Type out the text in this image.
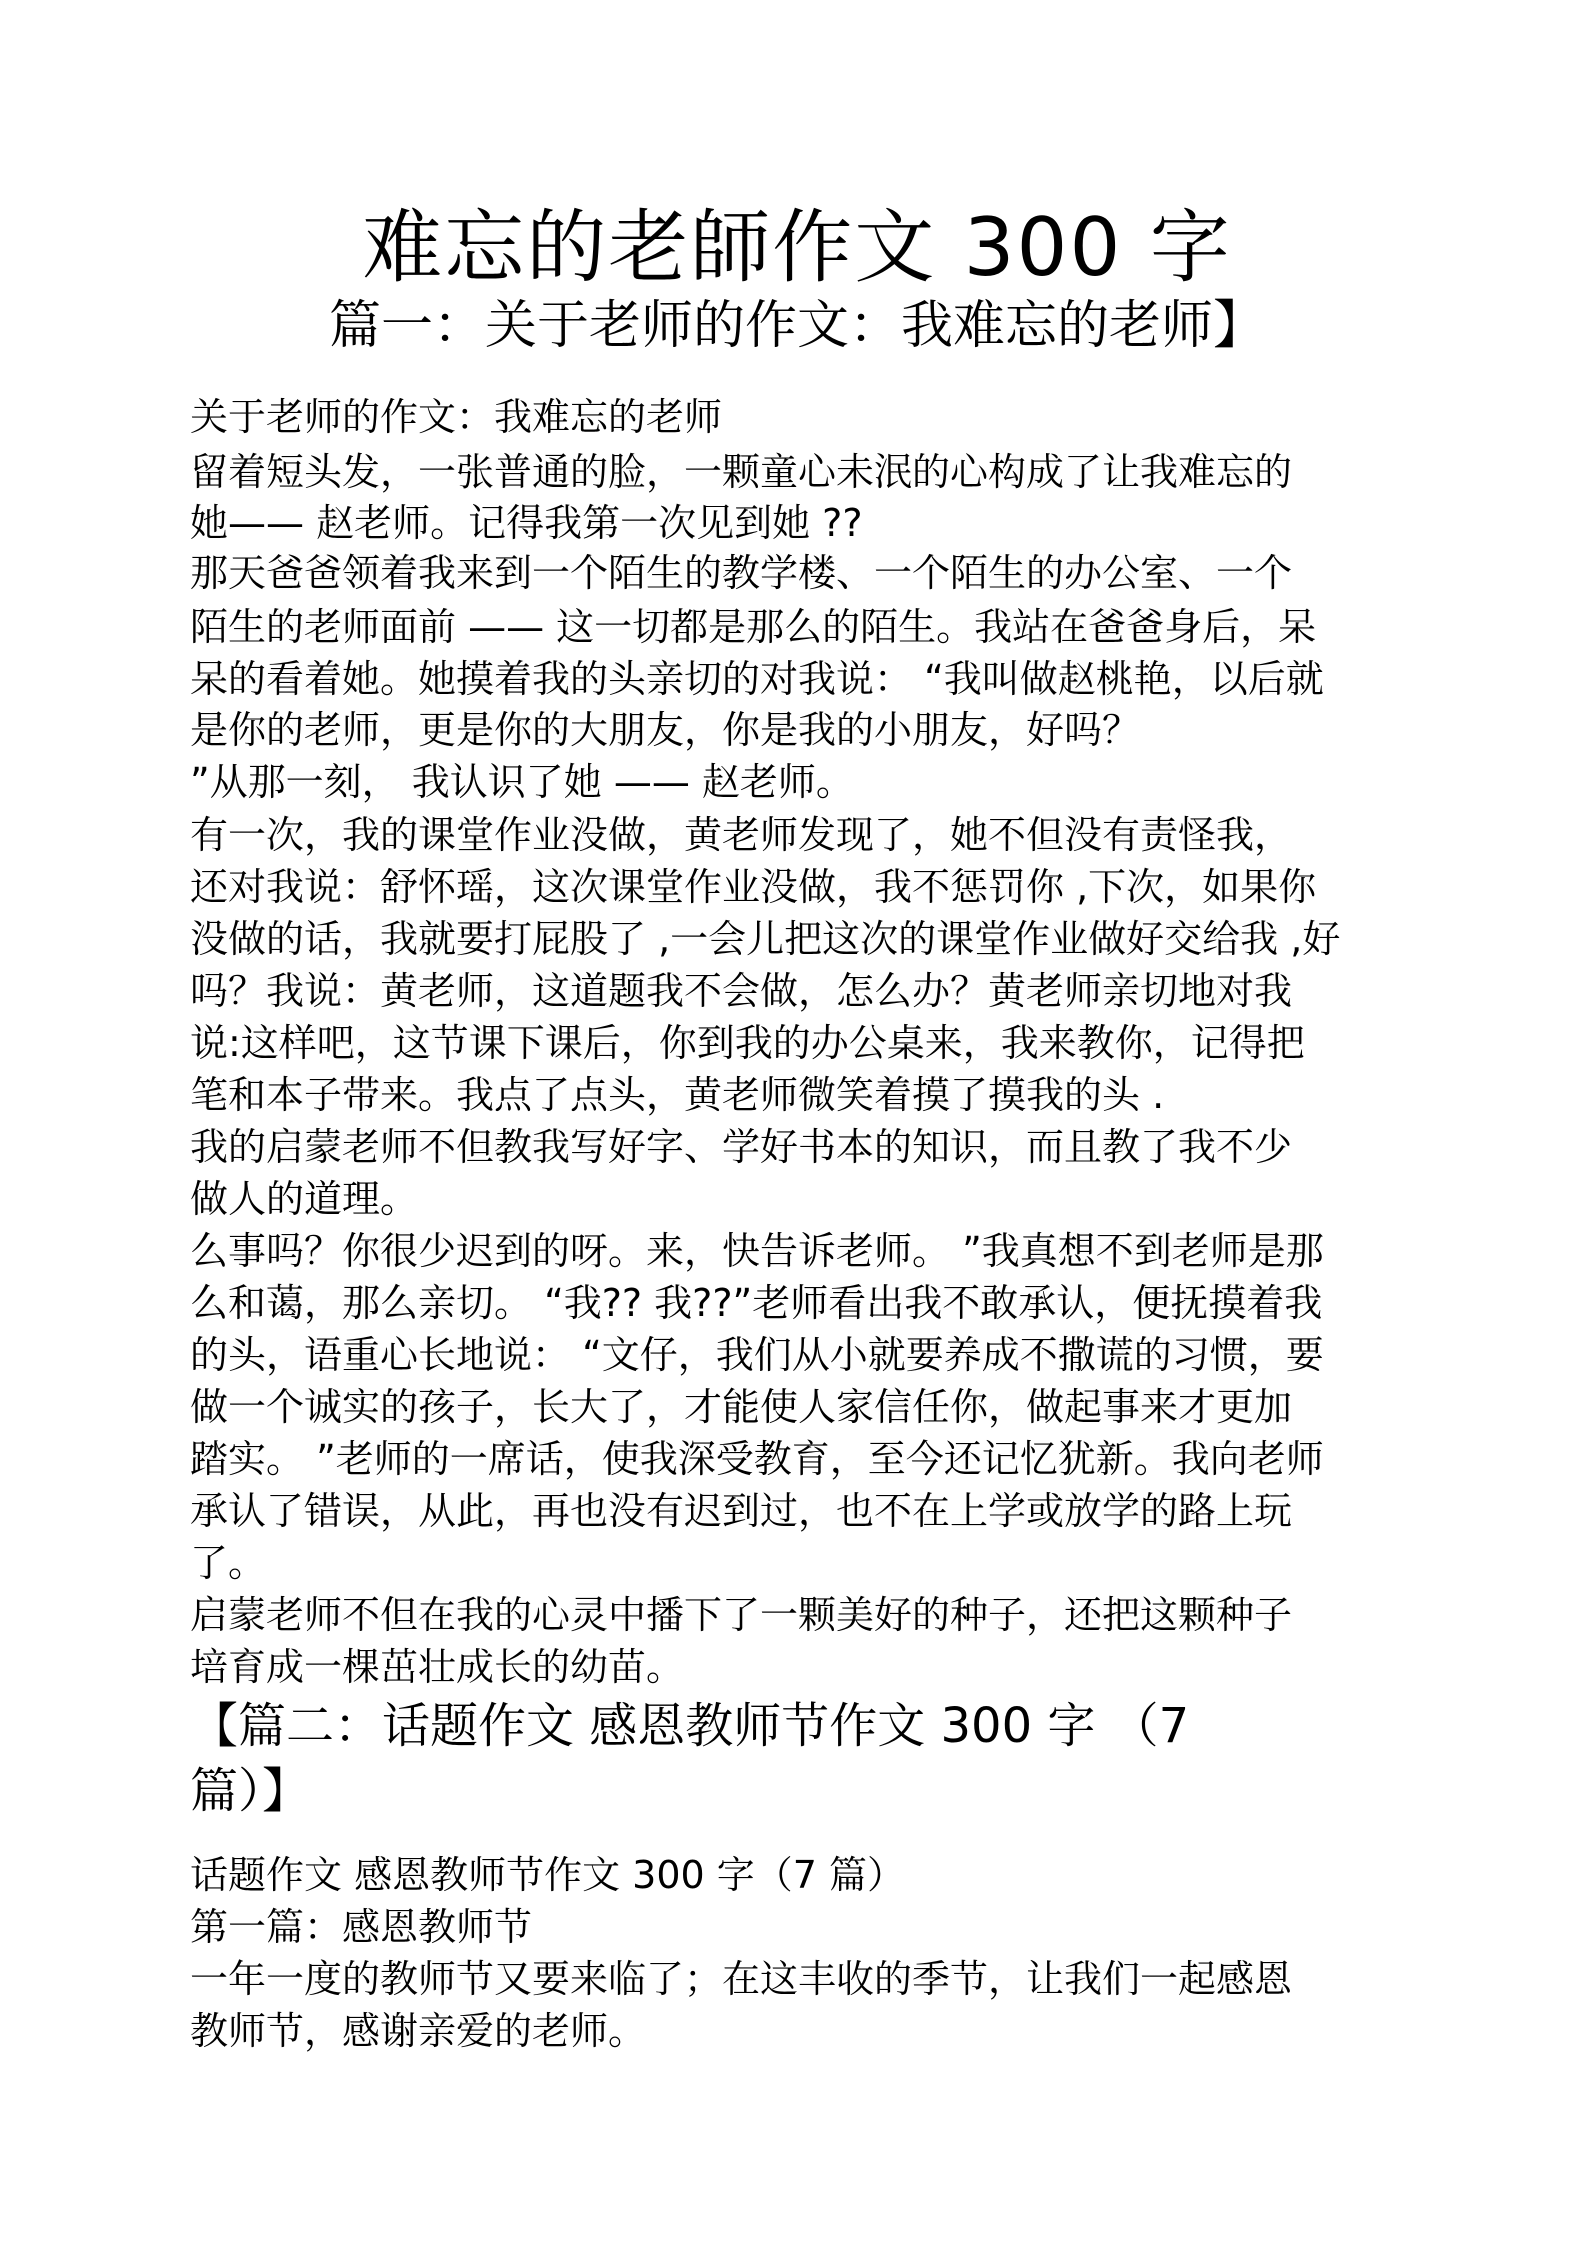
难忘的老師作文 300 字
篇一：关于老师的作文：我难忘的老师】
关于老师的作文：我难忘的老师
留着短头发，一张普通的脸，一颗童心未泯的心构成了让我难忘的
她—— 赵老师。记得我第一次见到她 ??
那天爸爸领着我来到一个陌生的教学楼、一个陌生的办公室、一个
陌生的老师面前 —— 这一切都是那么的陌生。我站在爸爸身后，呆
呆的看着她。她摸着我的头亲切的对我说： “我叫做赵桃艳，以后就
是你的老师，更是你的大朋友，你是我的小朋友，好吗？
”从那一刻， 我认识了她 —— 赵老师。
有一次，我的课堂作业没做，黄老师发现了，她不但没有责怪我，
还对我说：舒怀瑶，这次课堂作业没做，我不惩罚你 ,下次，如果你
没做的话，我就要打屁股了 ,一会儿把这次的课堂作业做好交给我 ,好
吗？我说：黄老师，这道题我不会做，怎么办？黄老师亲切地对我
说:这样吧，这节课下课后，你到我的办公桌来，我来教你，记得把
笔和本子带来。我点了点头，黄老师微笑着摸了摸我的头 .
我的启蒙老师不但教我写好字、学好书本的知识，而且教了我不少
做人的道理。
么事吗？你很少迟到的呀。来，快告诉老师。 ”我真想不到老师是那
么和蔼，那么亲切。 “我?? 我??”老师看出我不敢承认，便抚摸着我
的头，语重心长地说： “文仔，我们从小就要养成不撒谎的习惯，要
做一个诚实的孩子，长大了，才能使人家信任你，做起事来才更加
踏实。 ”老师的一席话，使我深受教育，至今还记忆犹新。我向老师
承认了错误，从此，再也没有迟到过，也不在上学或放学的路上玩
了。
启蒙老师不但在我的心灵中播下了一颗美好的种子，还把这颗种子
培育成一棵茁壮成长的幼苗。
【篇二：话题作文 感恩教师节作文 300 字 （7
篇）】
话题作文 感恩教师节作文 300 字（7 篇）
第一篇：感恩教师节
一年一度的教师节又要来临了；在这丰收的季节，让我们一起感恩
教师节，感谢亲爱的老师。
